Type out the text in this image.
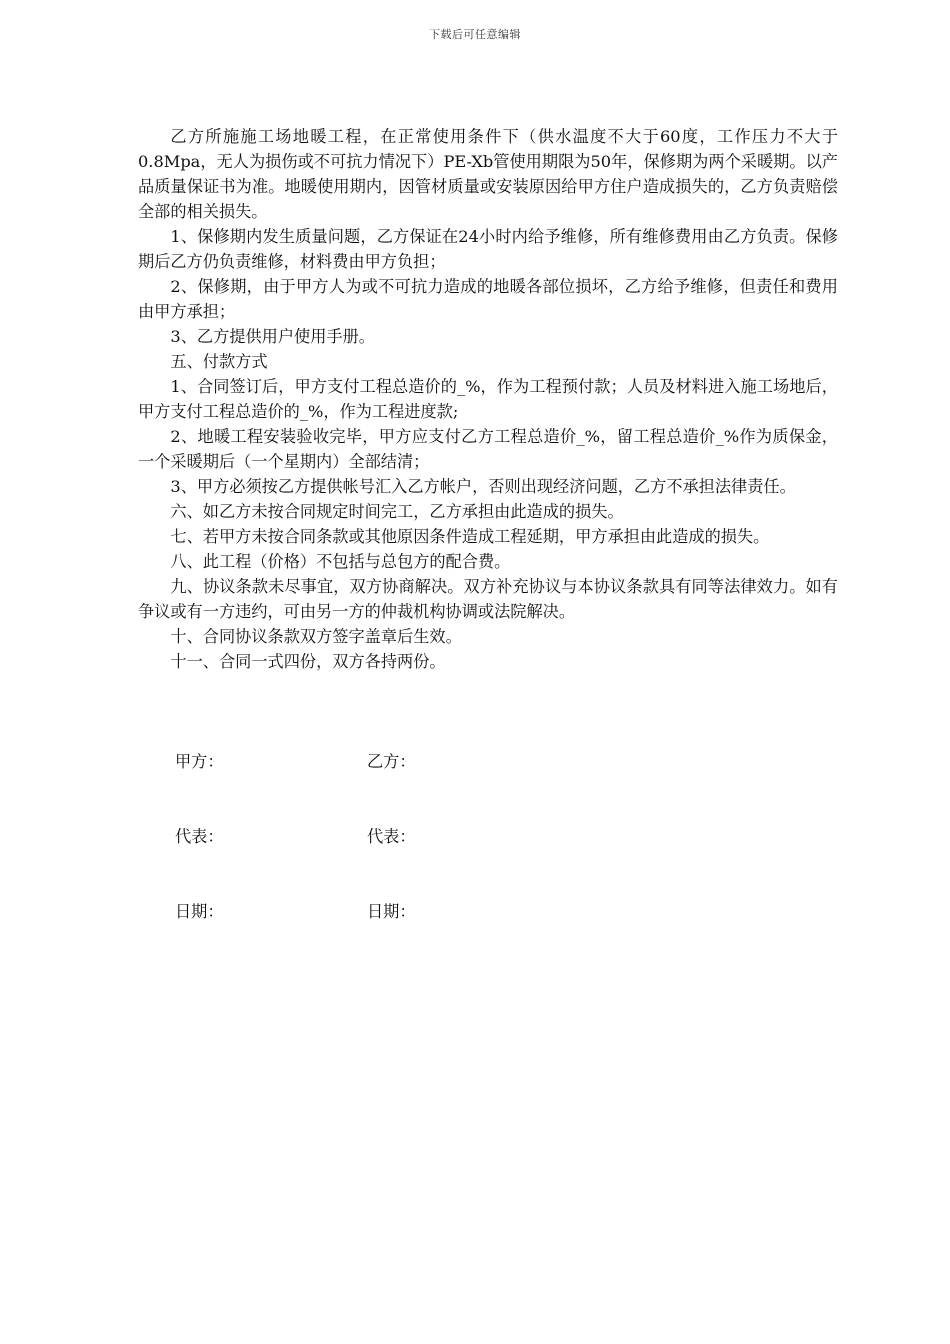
下载后可任意编辑

乙方所施施工场地暖工程，在正常使用条件下（供水温度不大于60度，工作压力不大于0.8Mpa，无人为损伤或不可抗力情况下）PE-Xb管使用期限为50年，保修期为两个采暖期。以产品质量保证书为准。地暖使用期内，因管材质量或安装原因给甲方住户造成损失的，乙方负责赔偿全部的相关损失。

1、保修期内发生质量问题，乙方保证在24小时内给予维修，所有维修费用由乙方负责。保修期后乙方仍负责维修，材料费由甲方负担；

2、保修期，由于甲方人为或不可抗力造成的地暖各部位损坏，乙方给予维修，但责任和费用由甲方承担；

3、乙方提供用户使用手册。

五、付款方式

1、合同签订后，甲方支付工程总造价的_%，作为工程预付款；人员及材料进入施工场地后，甲方支付工程总造价的_%，作为工程进度款;

2、地暖工程安装验收完毕，甲方应支付乙方工程总造价_%，留工程总造价_%作为质保金，一个采暖期后（一个星期内）全部结清；

3、甲方必须按乙方提供帐号汇入乙方帐户，否则出现经济问题，乙方不承担法律责任。

六、如乙方未按合同规定时间完工，乙方承担由此造成的损失。

七、若甲方未按合同条款或其他原因条件造成工程延期，甲方承担由此造成的损失。

八、此工程（价格）不包括与总包方的配合费。

九、协议条款未尽事宜，双方协商解决。双方补充协议与本协议条款具有同等法律效力。如有争议或有一方违约，可由另一方的仲裁机构协调或法院解决。

十、合同协议条款双方签字盖章后生效。

十一、合同一式四份，双方各持两份。

甲方：	乙方：
代表：	代表：
日期：	日期：
